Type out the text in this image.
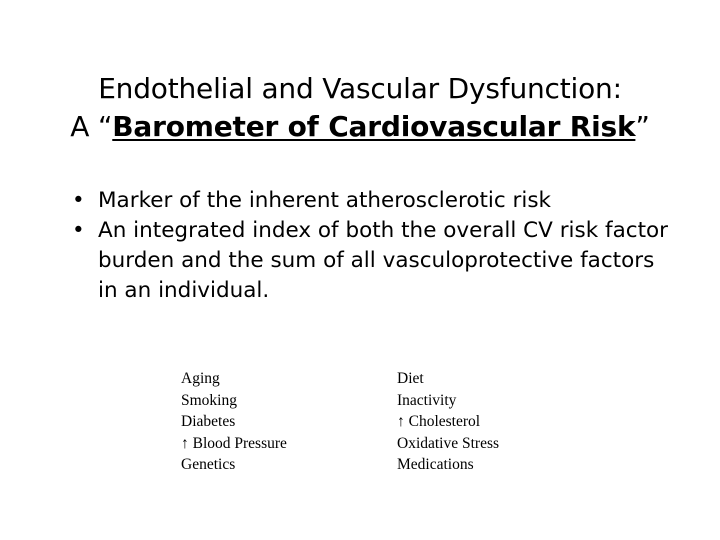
Endothelial and Vascular Dysfunction:
A “Barometer of Cardiovascular Risk”
• Marker of the inherent atherosclerotic risk
• An integrated index of both the overall CV risk factor burden and the sum of all vasculoprotective factors in an individual.
Aging
Smoking
Diabetes
↑ Blood Pressure
Genetics
Diet
Inactivity
↑ Cholesterol
Oxidative Stress
Medications
